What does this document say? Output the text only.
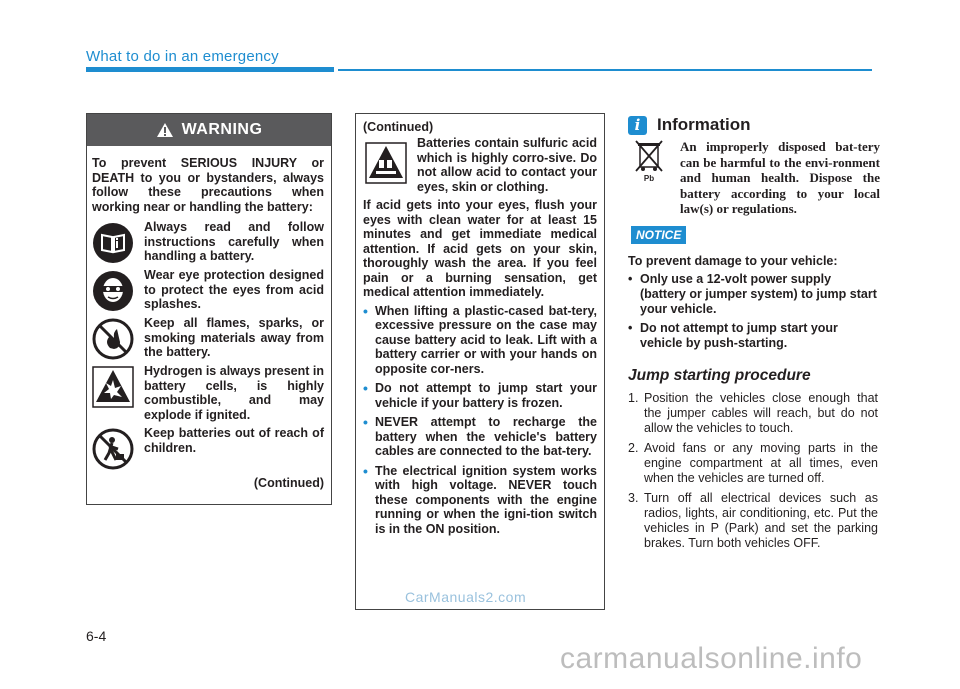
What to do in an emergency
WARNING
To prevent SERIOUS INJURY or DEATH to you or bystanders, always follow these precautions when working near or handling the battery:
Always read and follow instructions carefully when handling a battery.
Wear eye protection designed to protect the eyes from acid splashes.
Keep all flames, sparks, or smoking materials away from the battery.
Hydrogen is always present in battery cells, is highly combustible, and may explode if ignited.
Keep batteries out of reach of children.
(Continued)
(Continued)
Batteries contain sulfuric acid which is highly corro-sive. Do not allow acid to contact your eyes, skin or clothing.
If acid gets into your eyes, flush your eyes with clean water for at least 15 minutes and get immediate medical attention. If acid gets on your skin, thoroughly wash the area. If you feel pain or a burning sensation, get medical attention immediately.
• When lifting a plastic-cased bat-tery, excessive pressure on the case may cause battery acid to leak. Lift with a battery carrier or with your hands on opposite cor-ners.
• Do not attempt to jump start your vehicle if your battery is frozen.
• NEVER attempt to recharge the battery when the vehicle's battery cables are connected to the bat-tery.
• The electrical ignition system works with high voltage. NEVER touch these components with the engine running or when the igni-tion switch is in the ON position.
i Information
Pb
An improperly disposed bat-tery can be harmful to the envi-ronment and human health. Dispose the battery according to your local law(s) or regulations.
NOTICE
To prevent damage to your vehicle:
• Only use a 12-volt power supply (battery or jumper system) to jump start your vehicle.
• Do not attempt to jump start your vehicle by push-starting.
Jump starting procedure
1. Position the vehicles close enough that the jumper cables will reach, but do not allow the vehicles to touch.
2. Avoid fans or any moving parts in the engine compartment at all times, even when the vehicles are turned off.
3. Turn off all electrical devices such as radios, lights, air conditioning, etc. Put the vehicles in P (Park) and set the parking brakes. Turn both vehicles OFF.
CarManuals2.com
6-4
carmanualsonline.info
